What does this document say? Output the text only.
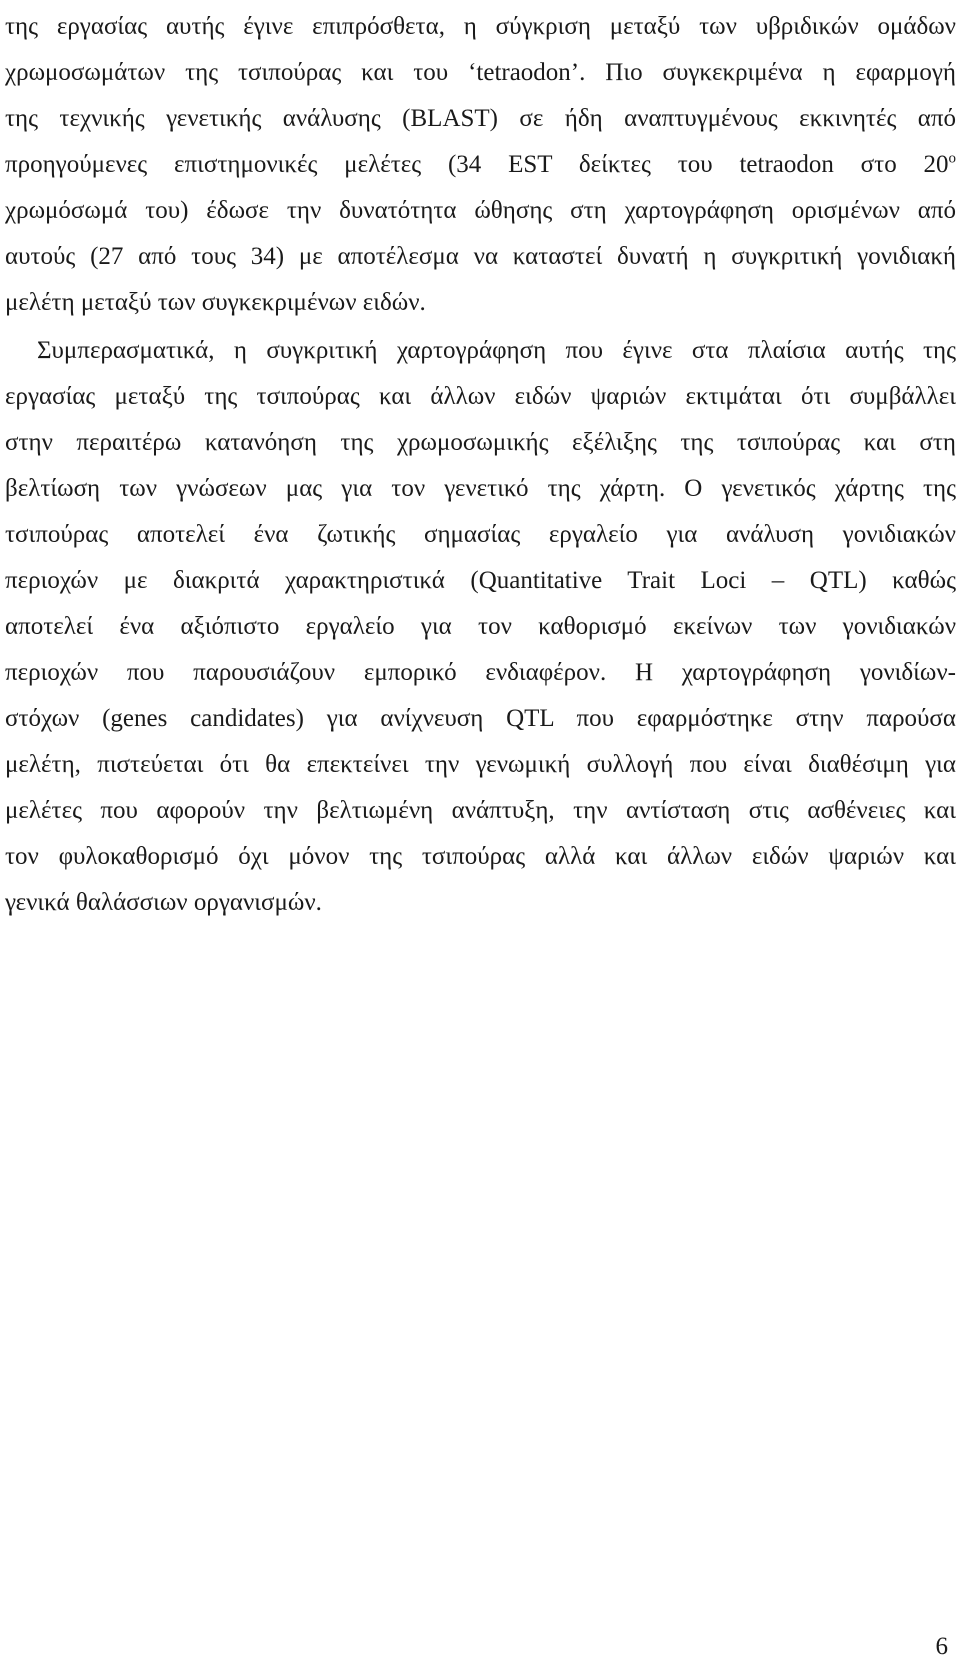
της εργασίας αυτής έγινε επιπρόσθετα, η σύγκριση μεταξύ των υβριδικών ομάδων
χρωμοσωμάτων της τσιπούρας και του ‘tetraodon’. Πιο συγκεκριμένα η εφαρμογή
της τεχνικής γενετικής ανάλυσης (BLAST) σε ήδη αναπτυγμένους εκκινητές από
προηγούμενες επιστημονικές μελέτες (34 EST δείκτες του tetraodon στο $20^o$
χρωμόσωμά του) έδωσε την δυνατότητα ώθησης στη χαρτογράφηση ορισμένων από
αυτούς (27 από τους 34) με αποτέλεσμα να καταστεί δυνατή η συγκριτική γονιδιακή
μελέτη μεταξύ των συγκεκριμένων ειδών.
Συμπερασματικά, η συγκριτική χαρτογράφηση που έγινε στα πλαίσια αυτής της
εργασίας μεταξύ της τσιπούρας και άλλων ειδών ψαριών εκτιμάται ότι συμβάλλει
στην περαιτέρω κατανόηση της χρωμοσωμικής εξέλιξης της τσιπούρας και στη
βελτίωση των γνώσεων μας για τον γενετικό της χάρτη. Ο γενετικός χάρτης της
τσιπούρας αποτελεί ένα ζωτικής σημασίας εργαλείο για ανάλυση γονιδιακών
περιοχών με διακριτά χαρακτηριστικά (Quantitative Trait Loci – QTL) καθώς
αποτελεί ένα αξιόπιστο εργαλείο για τον καθορισμό εκείνων των γονιδιακών
περιοχών που παρουσιάζουν εμπορικό ενδιαφέρον. Η χαρτογράφηση γονιδίων-
στόχων (genes candidates) για ανίχνευση QTL που εφαρμόστηκε στην παρούσα
μελέτη, πιστεύεται ότι θα επεκτείνει την γενωμική συλλογή που είναι διαθέσιμη για
μελέτες που αφορούν την βελτιωμένη ανάπτυξη, την αντίσταση στις ασθένειες και
τον φυλοκαθορισμό όχι μόνον της τσιπούρας αλλά και άλλων ειδών ψαριών και
γενικά θαλάσσιων οργανισμών.
6
